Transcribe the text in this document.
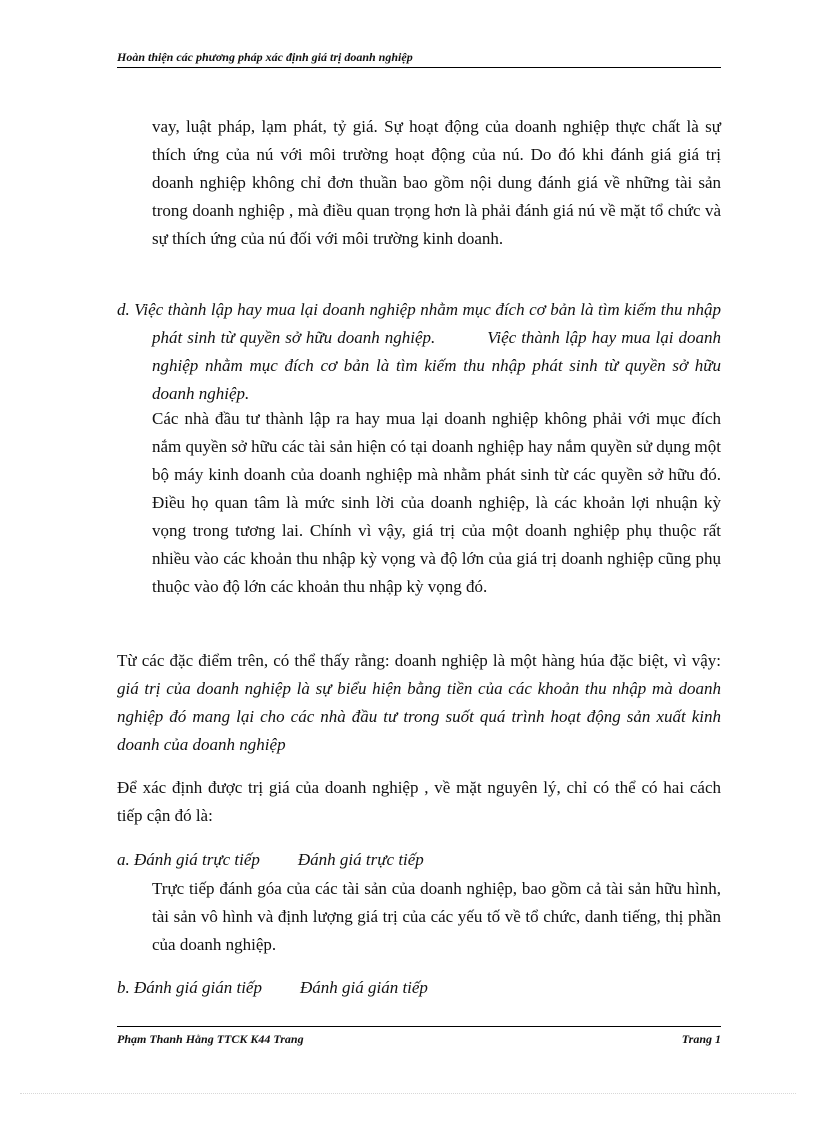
Hoàn thiện các phương pháp xác định giá trị doanh nghiệp

vay, luật pháp, lạm phát, tỷ giá. Sự hoạt động của doanh nghiệp thực chất là sự thích ứng của nú với môi trường hoạt động của nú. Do đó khi đánh giá giá trị doanh nghiệp không chỉ đơn thuần bao gồm nội dung đánh giá về những tài sản trong doanh nghiệp , mà điều quan trọng hơn là phải đánh giá nú về mặt tổ chức và sự thích ứng của nú đối với môi trường kinh doanh.

d. Việc thành lập hay mua lại doanh nghiệp nhằm mục đích cơ bản là tìm kiếm thu nhập phát sinh từ quyền sở hữu doanh nghiệp.	Việc thành lập hay mua lại doanh nghiệp nhằm mục đích cơ bản là tìm kiếm thu nhập phát sinh từ quyền sở hữu doanh nghiệp.

Các nhà đầu tư thành lập ra hay mua lại doanh nghiệp không phải với mục đích nắm quyền sở hữu các tài sản hiện có tại doanh nghiệp hay nắm quyền sử dụng một bộ máy kinh doanh của doanh nghiệp mà nhằm phát sinh từ các quyền sở hữu đó. Điều họ quan tâm là mức sinh lời của doanh nghiệp, là các khoản lợi nhuận kỳ vọng trong tương lai. Chính vì vậy, giá trị của một doanh nghiệp phụ thuộc rất nhiều vào các khoản thu nhập kỳ vọng và độ lớn của giá trị doanh nghiệp cũng phụ thuộc vào độ lớn các khoản thu nhập kỳ vọng đó.

Từ các đặc điểm trên, có thể thấy rằng: doanh nghiệp là một hàng húa đặc biệt, vì vậy: giá trị của doanh nghiệp là sự biểu hiện bằng tiền của các khoản thu nhập mà doanh nghiệp đó mang lại cho các nhà đầu tư trong suốt quá trình hoạt động sản xuất kinh doanh của doanh nghiệp

Để xác định được trị giá của doanh nghiệp , về mặt nguyên lý, chỉ có thể có hai cách tiếp cận đó là:

a. Đánh giá trực tiếp Đánh giá trực tiếp

Trực tiếp đánh góa của các tài sản của doanh nghiệp, bao gồm cả tài sản hữu hình, tài sản vô hình và định lượng giá trị của các yếu tố về tổ chức, danh tiếng, thị phần của doanh nghiệp.

b. Đánh giá gián tiếp Đánh giá gián tiếp

Phạm Thanh Hằng TTCK K44 Trang	Trang 1
